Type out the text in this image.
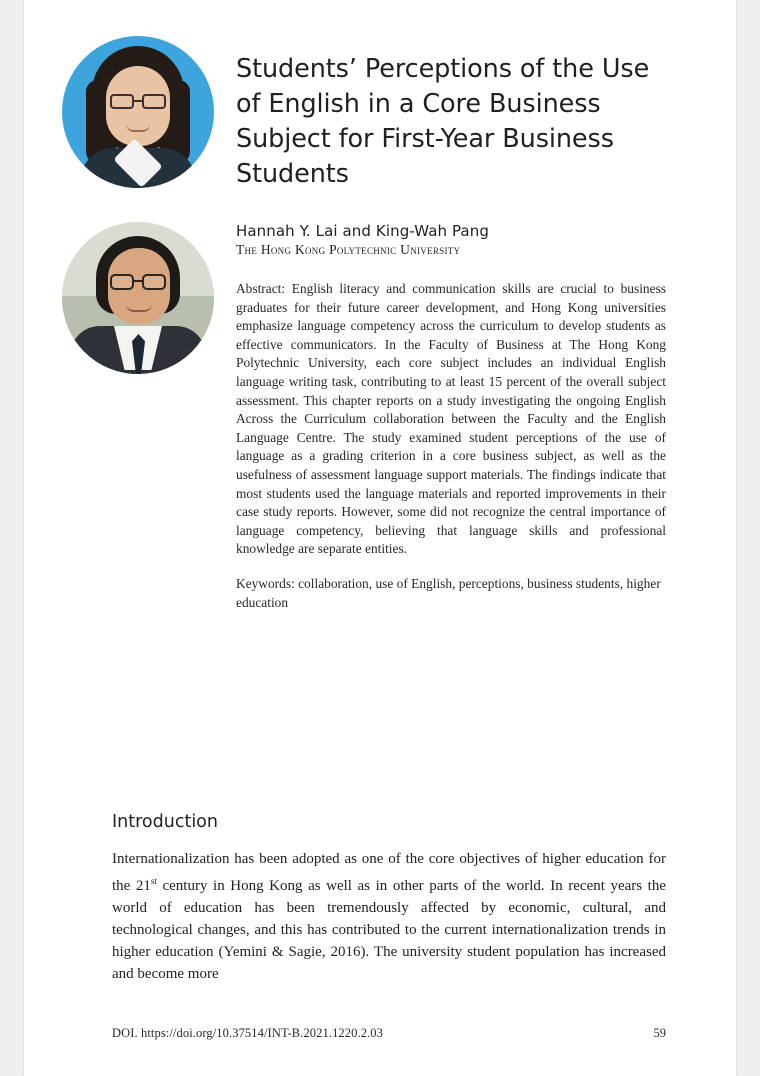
Students’ Perceptions of the Use of English in a Core Business Subject for First-Year Business Students
Hannah Y. Lai and King-Wah Pang
The Hong Kong Polytechnic University

Abstract: English literacy and communication skills are crucial to business graduates for their future career development, and Hong Kong universities emphasize language competency across the curriculum to develop students as effective communicators. In the Faculty of Business at The Hong Kong Polytechnic University, each core subject includes an individual English language writing task, contributing to at least 15 percent of the overall subject assessment. This chapter reports on a study investigating the ongoing English Across the Curriculum collaboration between the Faculty and the English Language Centre. The study examined student perceptions of the use of language as a grading criterion in a core business subject, as well as the usefulness of assessment language support materials. The findings indicate that most students used the language materials and reported improvements in their case study reports. However, some did not recognize the central importance of language competency, believing that language skills and professional knowledge are separate entities.

Keywords: collaboration, use of English, perceptions, business students, higher education

Introduction

Internationalization has been adopted as one of the core objectives of higher education for the 21st century in Hong Kong as well as in other parts of the world. In recent years the world of education has been tremendously affected by economic, cultural, and technological changes, and this has contributed to the current internationalization trends in higher education (Yemini & Sagie, 2016). The university student population has increased and become more

DOI. https://doi.org/10.37514/INT-B.2021.1220.2.03	59
